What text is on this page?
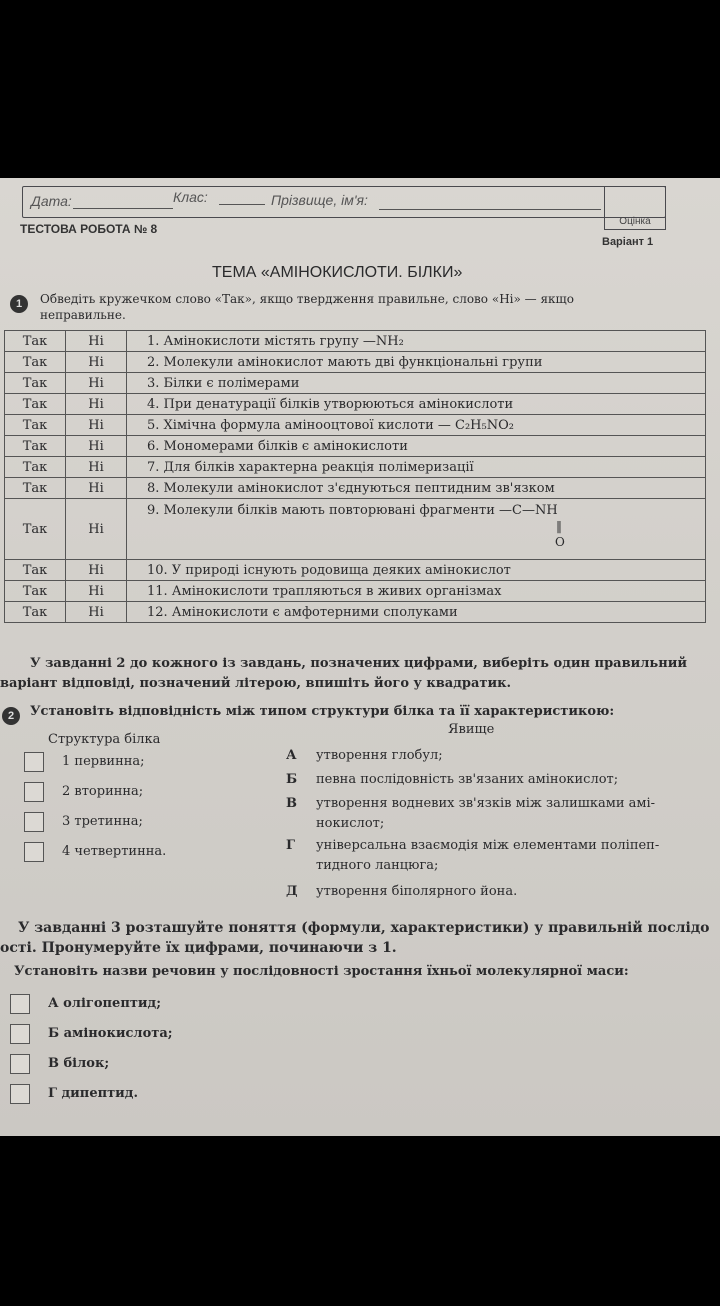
Дата:	Клас:	Прізвище, ім'я:
Оцінка
ТЕСТОВА РОБОТА № 8
Варіант 1
ТЕМА «АМІНОКИСЛОТИ. БІЛКИ»
1	Обведіть кружечком слово «Так», якщо твердження правильне, слово «Ні» — якщо
неправильне.
Так	Ні	1. Амінокислоти містять групу —NH₂
Так	Ні	2. Молекули амінокислот мають дві функціональні групи
Так	Ні	3. Білки є полімерами
Так	Ні	4. При денатурації білків утворюються амінокислоти
Так	Ні	5. Хімічна формула аміноoцтової кислоти — C₂H₅NO₂
Так	Ні	6. Мономерами білків є амінокислоти
Так	Ні	7. Для білків характерна реакція полімеризації
Так	Ні	8. Молекули амінокислот з'єднуються пептидним зв'язком
Так	Ні	9. Молекули білків мають повторювані фрагменти —C—NH
‖
O

Так	Ні	10. У природі існують родовища деяких амінокислот
Так	Ні	11. Амінокислоти трапляються в живих організмах
Так	Ні	12. Амінокислоти є амфотерними сполуками
У завданні 2 до кожного із завдань, позначених цифрами, виберіть один правильний
варіант відповіді, позначений літерою, впишіть його у квадратик.
2	Установіть відповідність між типом структури білка та її характеристикою:
Структура білка
Явище
1 первинна;
2 вторинна;
3 третинна;
4 четвертинна.
А утворення глобул;
Б певна послідовність зв'язаних амінокислот;
В утворення водневих зв'язків між залишками амі-
нокислот;
Г універсальна взаємодія між елементами поліпеп-
тидного ланцюга;
Д утворення біполярного йона.
У завданні 3 розташуйте поняття (формули, характеристики) у правильній послідо
ості. Пронумеруйте їх цифрами, починаючи з 1.
Установіть назви речовин у послідовності зростання їхньої молекулярної маси:
А олігопептид;
Б амінокислота;
В білок;
Г дипептид.
